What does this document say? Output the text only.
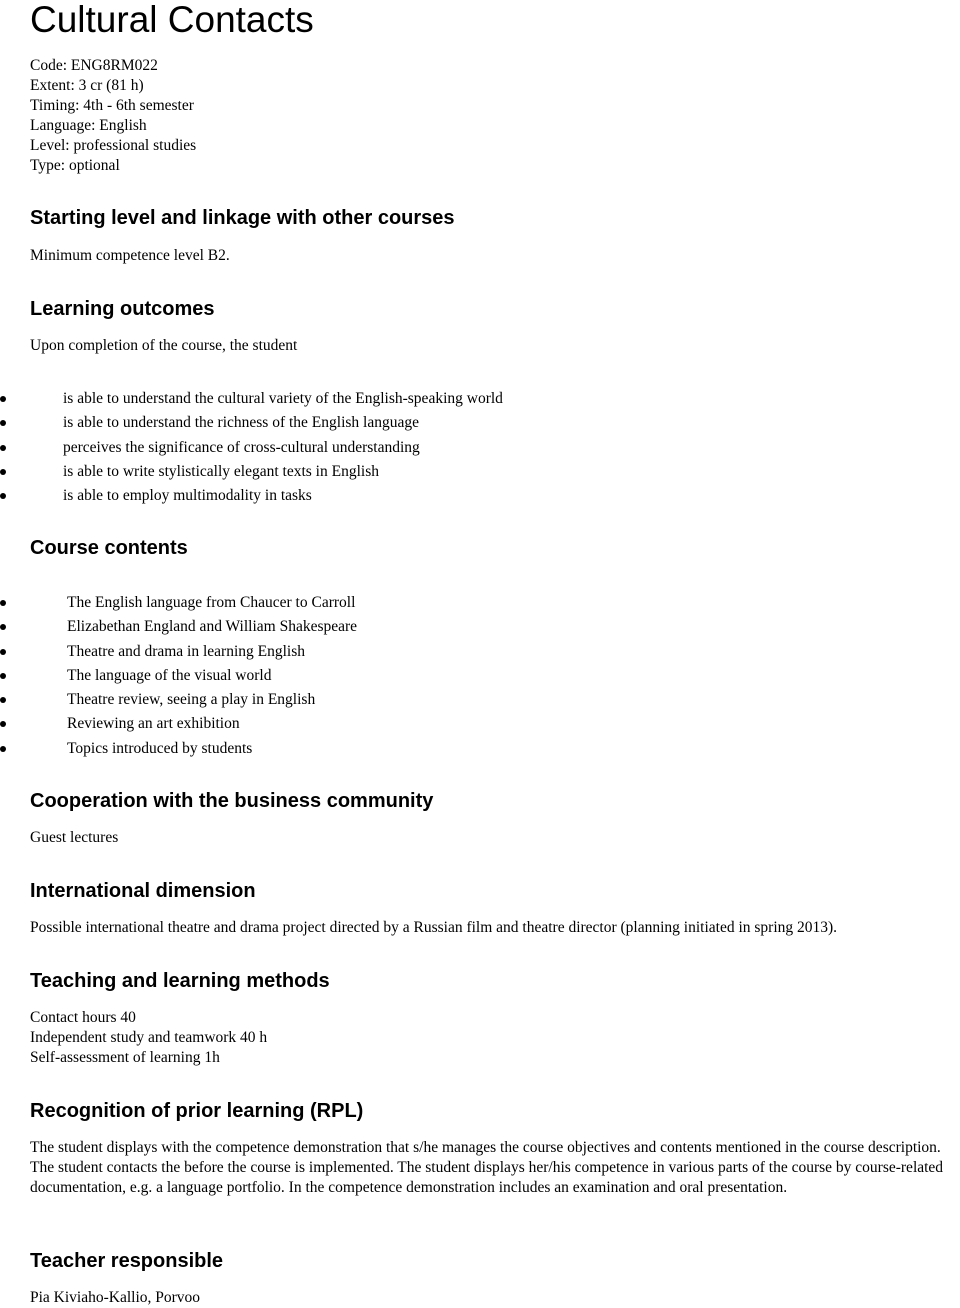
Cultural Contacts
Code: ENG8RM022
Extent: 3 cr (81 h)
Timing: 4th - 6th semester
Language: English
Level: professional studies
Type: optional
Starting level and linkage with other courses
Minimum competence level B2.
Learning outcomes
Upon completion of the course, the student
is able to understand the cultural variety of the English-speaking world
is able to understand the richness of the English language
perceives the significance of cross-cultural understanding
is able to write stylistically elegant texts in English
is able to employ multimodality in tasks
Course contents
The English language from Chaucer to Carroll
Elizabethan England and William Shakespeare
Theatre and drama in learning English
The language of the visual world
Theatre review, seeing a play in English
Reviewing an art exhibition
Topics introduced by students
Cooperation with the business community
Guest lectures
International dimension
Possible international theatre and drama project directed by a Russian film and theatre director (planning initiated in spring 2013).
Teaching and learning methods
Contact hours 40
Independent study and teamwork 40 h
Self-assessment of learning 1h
Recognition of prior learning (RPL)
The student displays with the competence demonstration that s/he manages the course objectives and contents mentioned in the course description. The student contacts the before the course is implemented. The student displays her/his competence in various parts of the course by course-related documentation, e.g. a language portfolio. In the competence demonstration includes an examination and oral presentation.
Teacher responsible
Pia Kiviaho-Kallio, Porvoo
